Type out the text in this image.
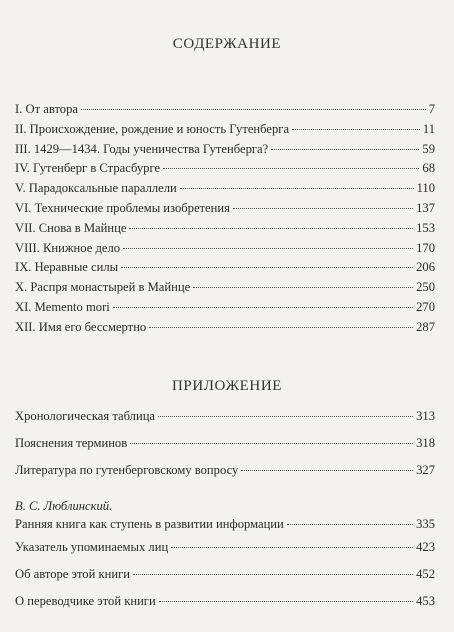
СОДЕРЖАНИЕ
I. От автора	7
II. Происхождение, рождение и юность Гутенберга	11
III. 1429—1434. Годы ученичества Гутенберга?	59
IV. Гутенберг в Страсбурге	68
V. Парадоксальные параллели	110
VI. Технические проблемы изобретения	137
VII. Снова в Майнце	153
VIII. Книжное дело	170
IX. Неравные силы	206
X. Распря монастырей в Майнце	250
XI. Memento mori	270
XII. Имя его бессмертно	287
ПРИЛОЖЕНИЕ
Хронологическая таблица	313
Пояснения терминов	318
Литература по гутенберговскому вопросу	327
В. С. Люблинский.
Ранняя книга как ступень в развитии информации	335
Указатель упоминаемых лиц	423
Об авторе этой книги	452
О переводчике этой книги	453
